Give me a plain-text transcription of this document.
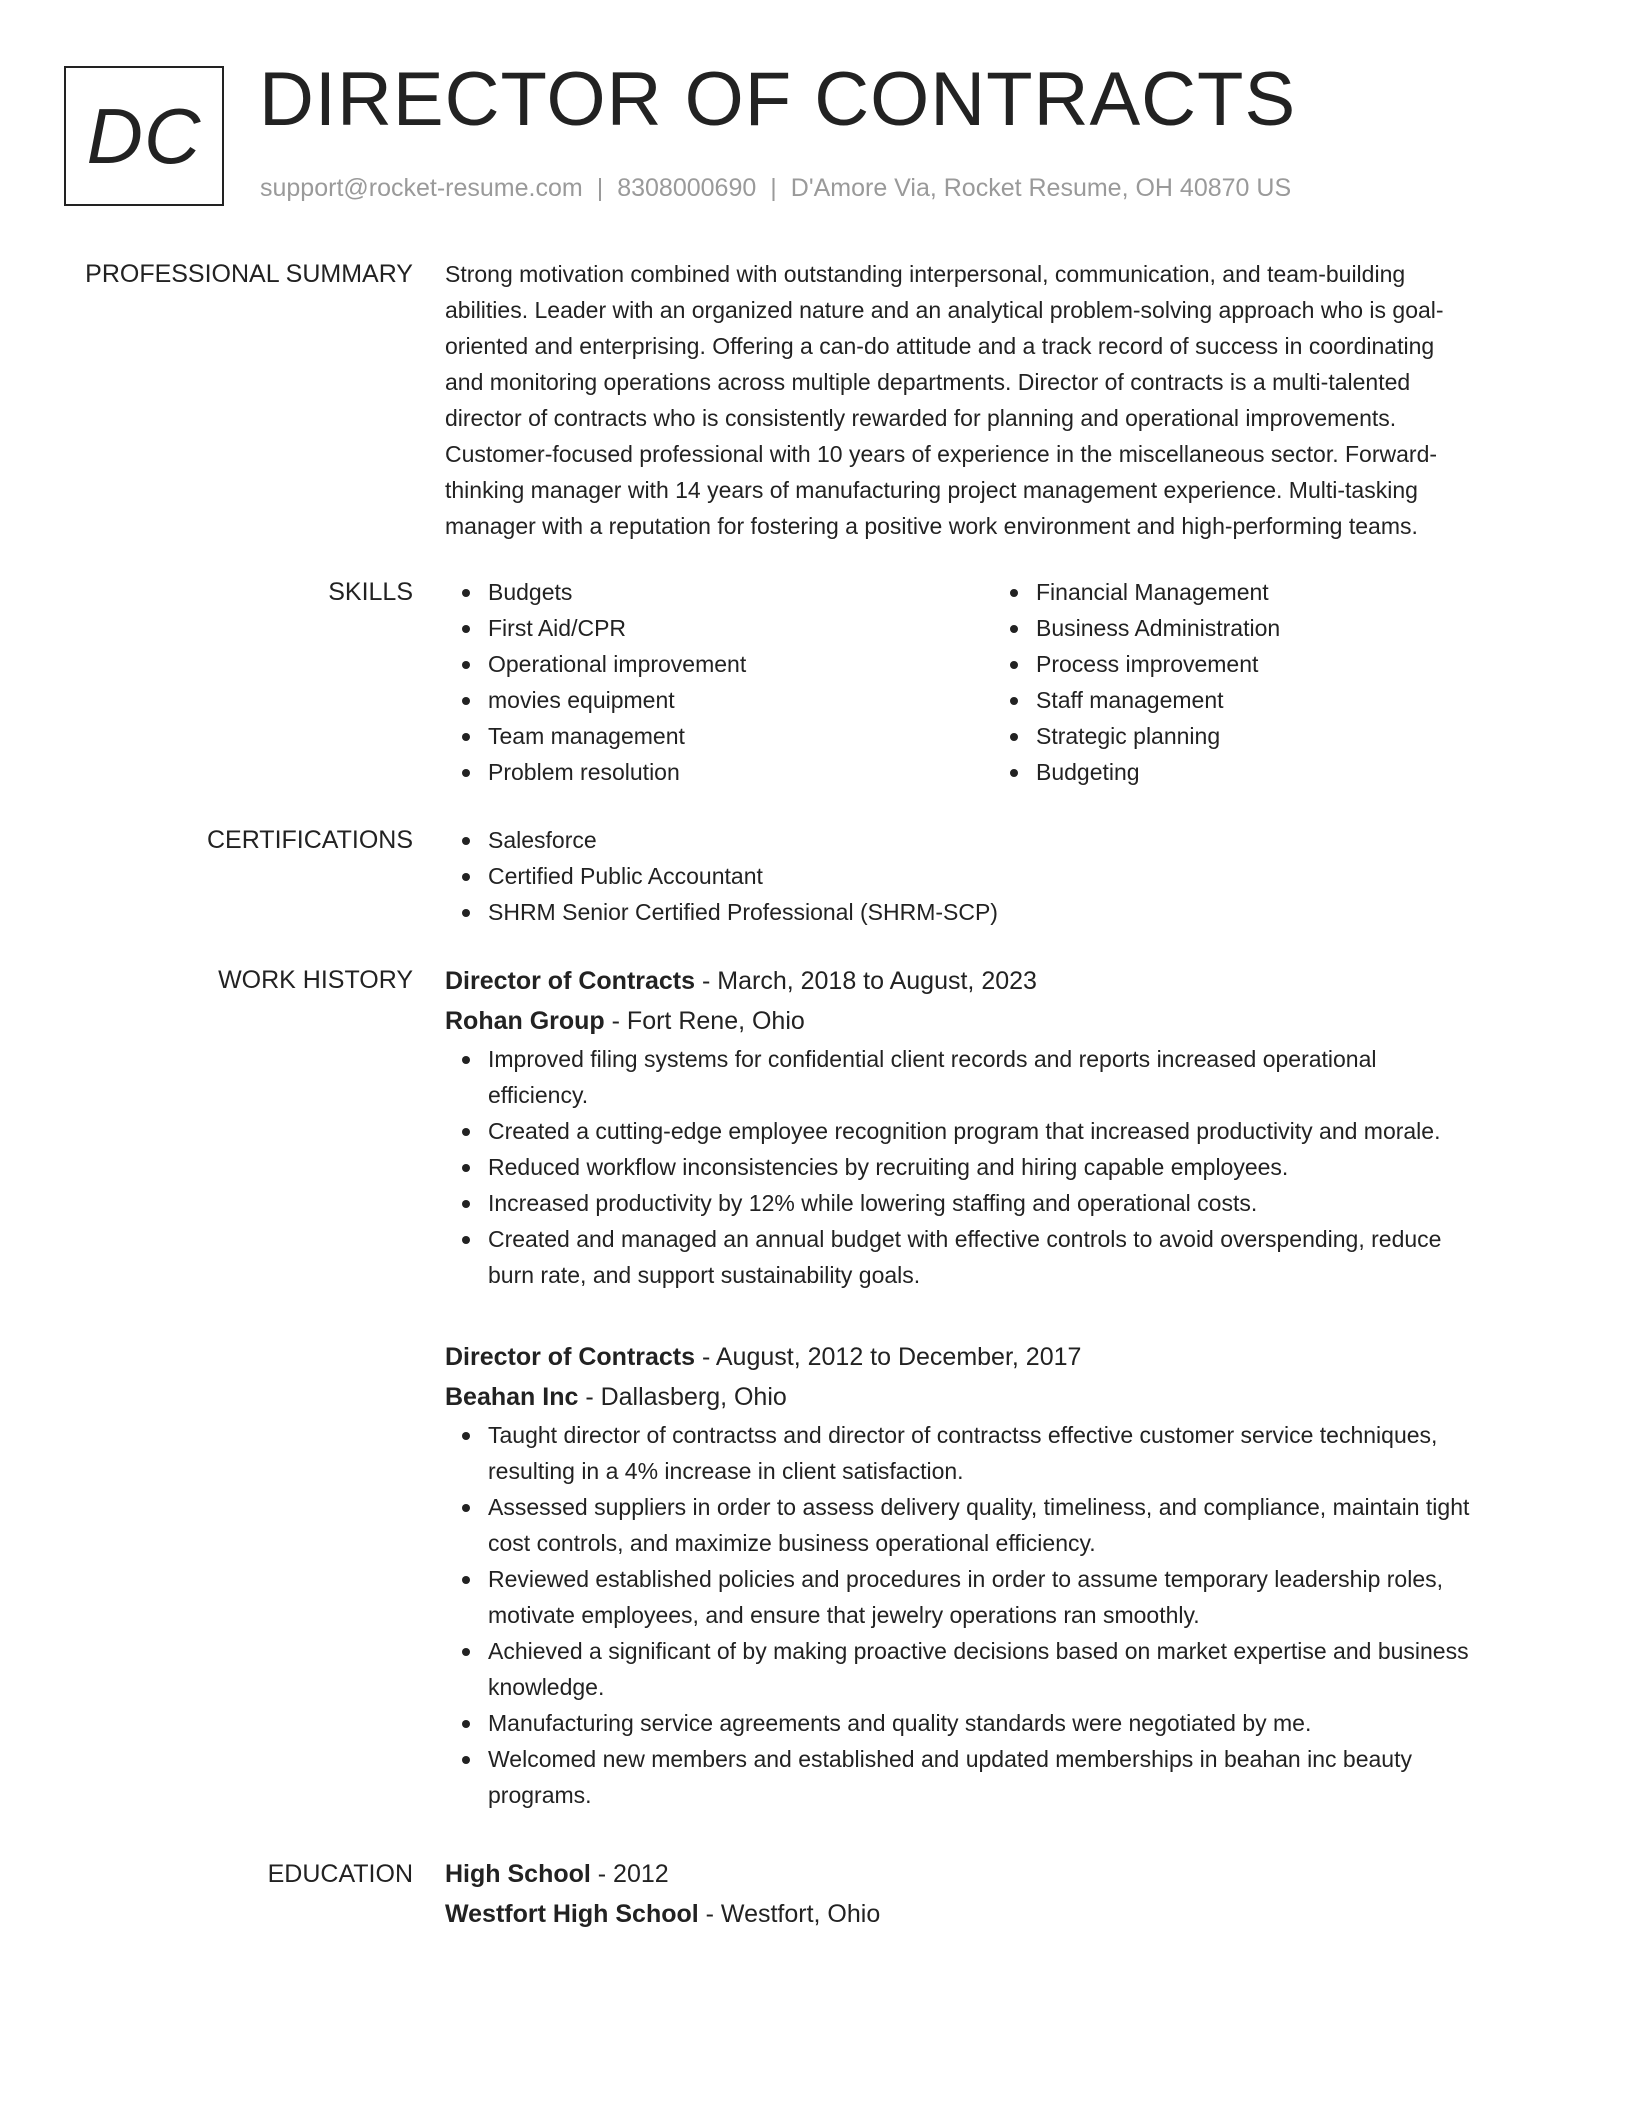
DC DIRECTOR OF CONTRACTS
support@rocket-resume.com | 8308000690 | D'Amore Via, Rocket Resume, OH 40870 US
PROFESSIONAL SUMMARY Strong motivation combined with outstanding interpersonal, communication, and team-building
abilities. Leader with an organized nature and an analytical problem-solving approach who is goal-
oriented and enterprising. Offering a can-do attitude and a track record of success in coordinating
and monitoring operations across multiple departments. Director of contracts is a multi-talented
director of contracts who is consistently rewarded for planning and operational improvements.
Customer-focused professional with 10 years of experience in the miscellaneous sector. Forward-
thinking manager with 14 years of manufacturing project management experience. Multi-tasking
manager with a reputation for fostering a positive work environment and high-performing teams.
SKILLS	Budgets
First Aid/CPR
Operational improvement
movies equipment
Team management
Problem resolution
Financial Management
Business Administration
Process improvement
Staff management
Strategic planning
Budgeting
CERTIFICATIONS	Salesforce
Certified Public Accountant
SHRM Senior Certified Professional (SHRM-SCP)
WORK HISTORY Director of Contracts - March, 2018 to August, 2023
Rohan Group - Fort Rene, Ohio
Improved filing systems for confidential client records and reports increased operational
efficiency.
Created a cutting-edge employee recognition program that increased productivity and morale.
Reduced workflow inconsistencies by recruiting and hiring capable employees.
Increased productivity by 12% while lowering staffing and operational costs.
Created and managed an annual budget with effective controls to avoid overspending, reduce
burn rate, and support sustainability goals.
Director of Contracts - August, 2012 to December, 2017
Beahan Inc - Dallasberg, Ohio
Taught director of contractss and director of contractss effective customer service techniques,
resulting in a 4% increase in client satisfaction.
Assessed suppliers in order to assess delivery quality, timeliness, and compliance, maintain tight
cost controls, and maximize business operational efficiency.
Reviewed established policies and procedures in order to assume temporary leadership roles,
motivate employees, and ensure that jewelry operations ran smoothly.
Achieved a significant of by making proactive decisions based on market expertise and business
knowledge.
Manufacturing service agreements and quality standards were negotiated by me.
Welcomed new members and established and updated memberships in beahan inc beauty
programs.
EDUCATION High School - 2012
Westfort High School - Westfort, Ohio
